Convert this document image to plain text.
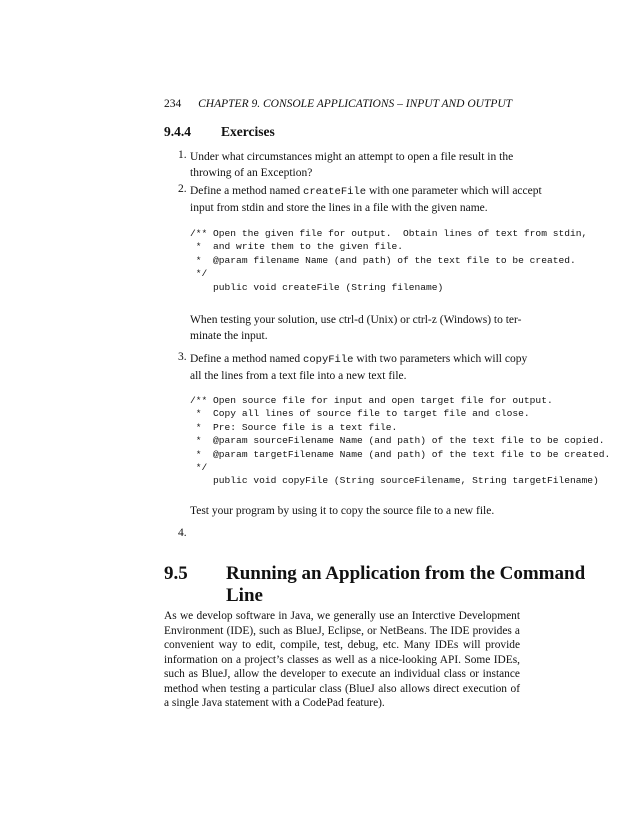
234 CHAPTER 9. CONSOLE APPLICATIONS – INPUT AND OUTPUT
9.4.4 Exercises
1. Under what circumstances might an attempt to open a file result in the
throwing of an Exception?
2. Define a method named createFile with one parameter which will accept
input from stdin and store the lines in a file with the given name.
/** Open the given file for output.  Obtain lines of text from stdin,
*  and write them to the given file.
*  @param filename Name (and path) of the text file to be created.
*/
public void createFile (String filename)
When testing your solution, use ctrl-d (Unix) or ctrl-z (Windows) to ter-
minate the input.
3. Define a method named copyFile with two parameters which will copy
all the lines from a text file into a new text file.
/** Open source file for input and open target file for output.
*  Copy all lines of source file to target file and close.
*  Pre: Source file is a text file.
*  @param sourceFilename Name (and path) of the text file to be copied.
*  @param targetFilename Name (and path) of the text file to be created.
*/
public void copyFile (String sourceFilename, String targetFilename)
Test your program by using it to copy the source file to a new file.
4.
9.5 Running an Application from the Command
Line
As we develop software in Java, we generally use an Interctive Development Environment (IDE), such as BlueJ, Eclipse, or NetBeans. The IDE provides a convenient way to edit, compile, test, debug, etc. Many IDEs will provide information on a project’s classes as well as a nice-looking API. Some IDEs, such as BlueJ, allow the developer to execute an individual class or instance method when testing a particular class (BlueJ also allows direct execution of a single Java statement with a CodePad feature).
